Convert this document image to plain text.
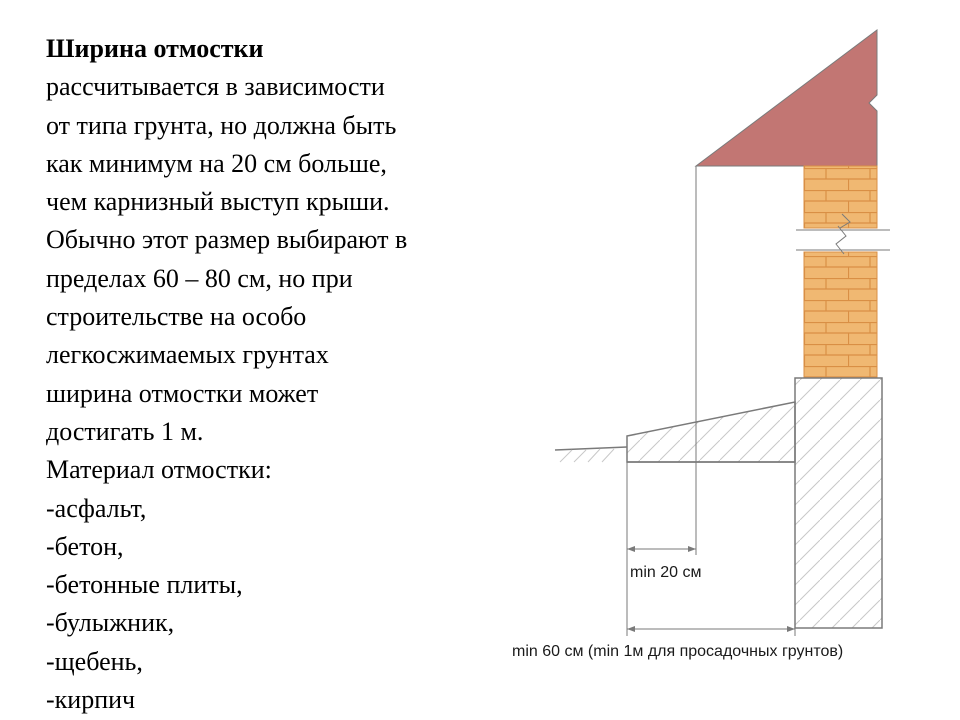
Ширина отмостки
рассчитывается в зависимости
от типа грунта, но должна быть
как минимум на 20 см больше,
чем карнизный выступ крыши.
Обычно этот размер выбирают в
пределах 60 – 80 см, но при
строительстве на особо
легкосжимаемых грунтах
ширина отмостки может
достигать 1 м.
Материал отмостки:
-асфальт,
-бетон,
-бетонные плиты,
-булыжник,
-щебень,
-кирпич
min 20 см
min 60 см (min 1м для просадочных грунтов)
